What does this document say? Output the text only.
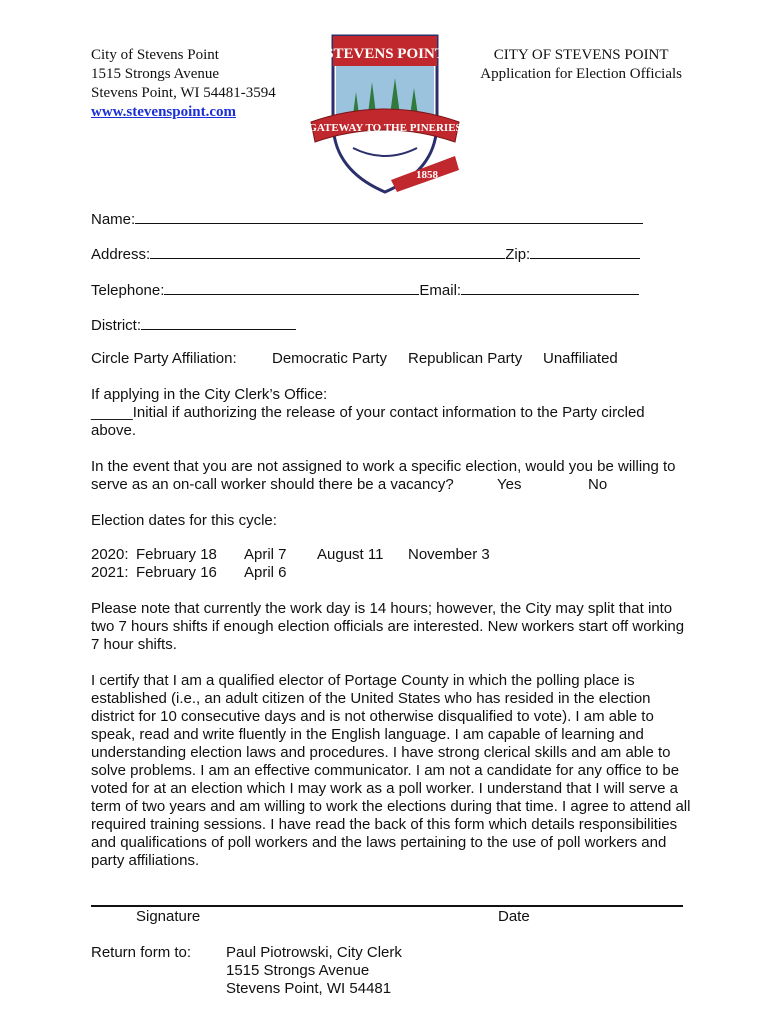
City of Stevens Point
1515 Strongs Avenue
Stevens Point, WI 54481-3594
www.stevenspoint.com
STEVENS POINT
GATEWAY TO THE PINERIES
1858
CITY OF STEVENS POINT
Application for Election Officials
Name:
Address:	Zip:
Telephone:	Email:
District:
Circle Party Affiliation: Democratic Party Republican Party Unaffiliated
If applying in the City Clerk’s Office:
_____Initial if authorizing the release of your contact information to the Party circled above.
In the event that you are not assigned to work a specific election, would you be willing to serve as an on-call worker should there be a vacancy?	Yes	No
Election dates for this cycle:
2020: February 18 April 7 August 11 November 3
2021: February 16 April 6
Please note that currently the work day is 14 hours; however, the City may split that into two 7 hours shifts if enough election officials are interested. New workers start off working 7 hour shifts.
I certify that I am a qualified elector of Portage County in which the polling place is established (i.e., an adult citizen of the United States who has resided in the election district for 10 consecutive days and is not otherwise disqualified to vote). I am able to speak, read and write fluently in the English language. I am capable of learning and understanding election laws and procedures. I have strong clerical skills and am able to solve problems. I am an effective communicator. I am not a candidate for any office to be voted for at an election which I may work as a poll worker. I understand that I will serve a term of two years and am willing to work the elections during that time. I agree to attend all required training sessions. I have read the back of this form which details responsibilities and qualifications of poll workers and the laws pertaining to the use of poll workers and party affiliations.
Signature	Date
Return form to: Paul Piotrowski, City Clerk
1515 Strongs Avenue
Stevens Point, WI 54481
